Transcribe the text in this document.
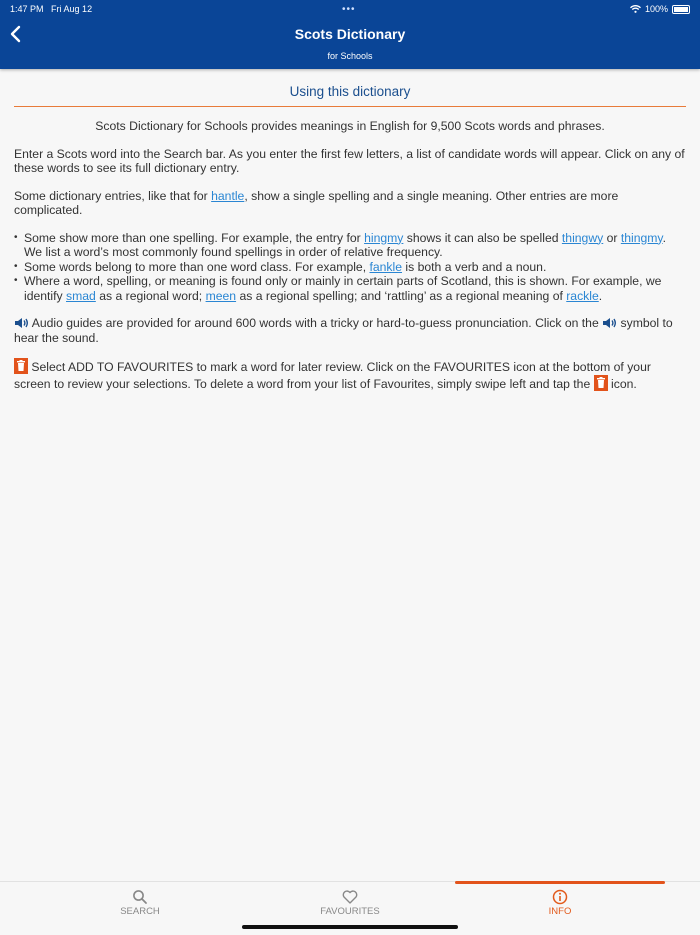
1:47 PM Fri Aug 12	•••	100%
Scots Dictionary
for Schools
Using this dictionary

Scots Dictionary for Schools provides meanings in English for 9,500 Scots words and phrases.

Enter a Scots word into the Search bar. As you enter the first few letters, a list of candidate words will appear. Click on any of these words to see its full dictionary entry.

Some dictionary entries, like that for hantle, show a single spelling and a single meaning. Other entries are more complicated.

• Some show more than one spelling. For example, the entry for hingmy shows it can also be spelled thingwy or thingmy. We list a word’s most commonly found spellings in order of relative frequency.
• Some words belong to more than one word class. For example, fankle is both a verb and a noun.
• Where a word, spelling, or meaning is found only or mainly in certain parts of Scotland, this is shown. For example, we identify smad as a regional word; meen as a regional spelling; and ‘rattling’ as a regional meaning of rackle.

Audio guides are provided for around 600 words with a tricky or hard-to-guess pronunciation. Click on the  symbol to hear the sound.

Select ADD TO FAVOURITES to mark a word for later review. Click on the FAVOURITES icon at the bottom of your screen to review your selections. To delete a word from your list of Favourites, simply swipe left and tap the  icon.

SEARCH	FAVOURITES	INFO
